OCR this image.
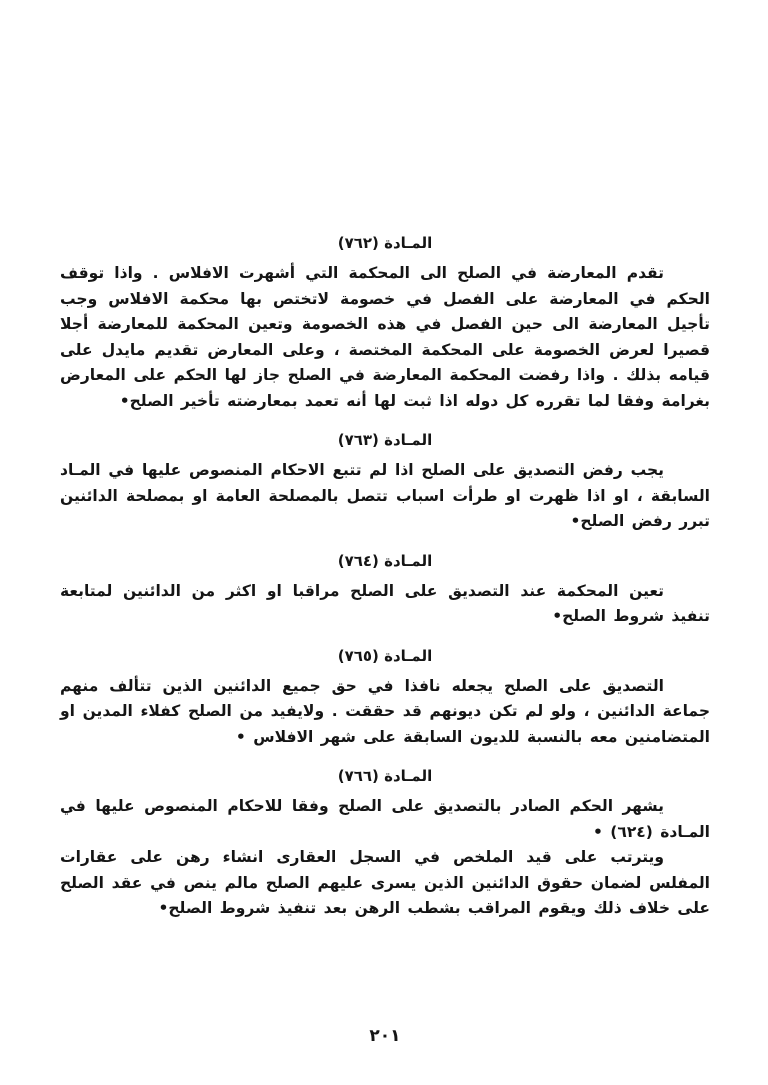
المـادة (٧٦٢)

تقدم المعارضة في الصلح الى المحكمة التي أشهرت الافلاس . واذا توقف الحكم في المعارضة على الفصل في خصومة لاتختص بها محكمة الافلاس وجب تأجيل المعارضة الى حين الفصل في هذه الخصومة وتعين المحكمة للمعارضة أجلا قصيرا لعرض الخصومة على المحكمة المختصة ، وعلى المعارض تقديم مايدل على قيامه بذلك . واذا رفضت المحكمة المعارضة في الصلح جاز لها الحكم على المعارض بغرامة وفقا لما تقرره كل دوله اذا ثبت لها أنه تعمد بمعارضته تأخير الصلح•

المـادة (٧٦٣)

يجب رفض التصديق على الصلح اذا لم تتبع الاحكام المنصوص عليها في المـاد السابقة ، او اذا ظهرت او طرأت اسباب تتصل بالمصلحة العامة او بمصلحة الدائنين تبرر رفض الصلح•

المـادة (٧٦٤)

تعين المحكمة عند التصديق على الصلح مراقبا او اكثر من الدائنين لمتابعة تنفيذ شروط الصلح•

المـادة (٧٦٥)

التصديق على الصلح يجعله نافذا في حق جميع الدائنين الذين تتألف منهم جماعة الدائنين ، ولو لم تكن ديونهم قد حققت . ولايفيد من الصلح كفلاء المدين او المتضامنين معه بالنسبة للديون السابقة على شهر الافلاس •

المـادة (٧٦٦)

يشهر الحكم الصادر بالتصديق على الصلح وفقا للاحكام المنصوص عليها في المـادة (٦٢٤) •

ويترتب على قيد الملخص في السجل العقارى انشاء رهن على عقارات المفلس لضمان حقوق الدائنين الذين يسرى عليهم الصلح مالم ينص في عقد الصلح على خلاف ذلك ويقوم المراقب بشطب الرهن بعد تنفيذ شروط الصلح•

٢٠١
